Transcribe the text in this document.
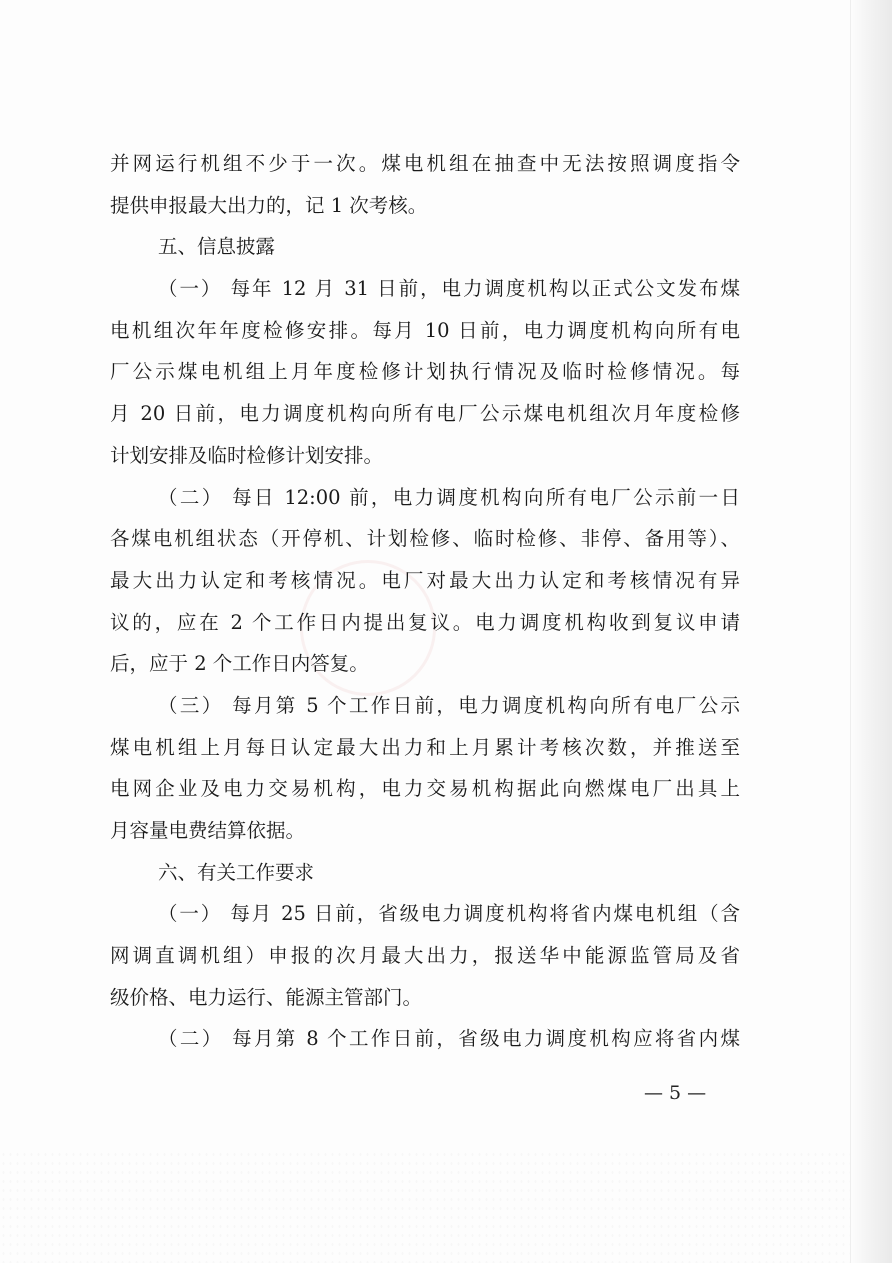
并网运行机组不少于一次。煤电机组在抽查中无法按照调度指令
提供申报最大出力的，记 1 次考核。
五、信息披露
（一） 每年 12 月 31 日前，电力调度机构以正式公文发布煤
电机组次年年度检修安排。每月 10 日前，电力调度机构向所有电
厂公示煤电机组上月年度检修计划执行情况及临时检修情况。每
月 20 日前，电力调度机构向所有电厂公示煤电机组次月年度检修
计划安排及临时检修计划安排。
（二） 每日 12:00 前，电力调度机构向所有电厂公示前一日
各煤电机组状态（开停机、计划检修、临时检修、非停、备用等）、
最大出力认定和考核情况。电厂对最大出力认定和考核情况有异
议的，应在 2 个工作日内提出复议。电力调度机构收到复议申请
后，应于 2 个工作日内答复。
（三） 每月第 5 个工作日前，电力调度机构向所有电厂公示
煤电机组上月每日认定最大出力和上月累计考核次数，并推送至
电网企业及电力交易机构，电力交易机构据此向燃煤电厂出具上
月容量电费结算依据。
六、有关工作要求
（一） 每月 25 日前，省级电力调度机构将省内煤电机组（含
网调直调机组）申报的次月最大出力，报送华中能源监管局及省
级价格、电力运行、能源主管部门。
（二） 每月第 8 个工作日前，省级电力调度机构应将省内煤
— 5 —
